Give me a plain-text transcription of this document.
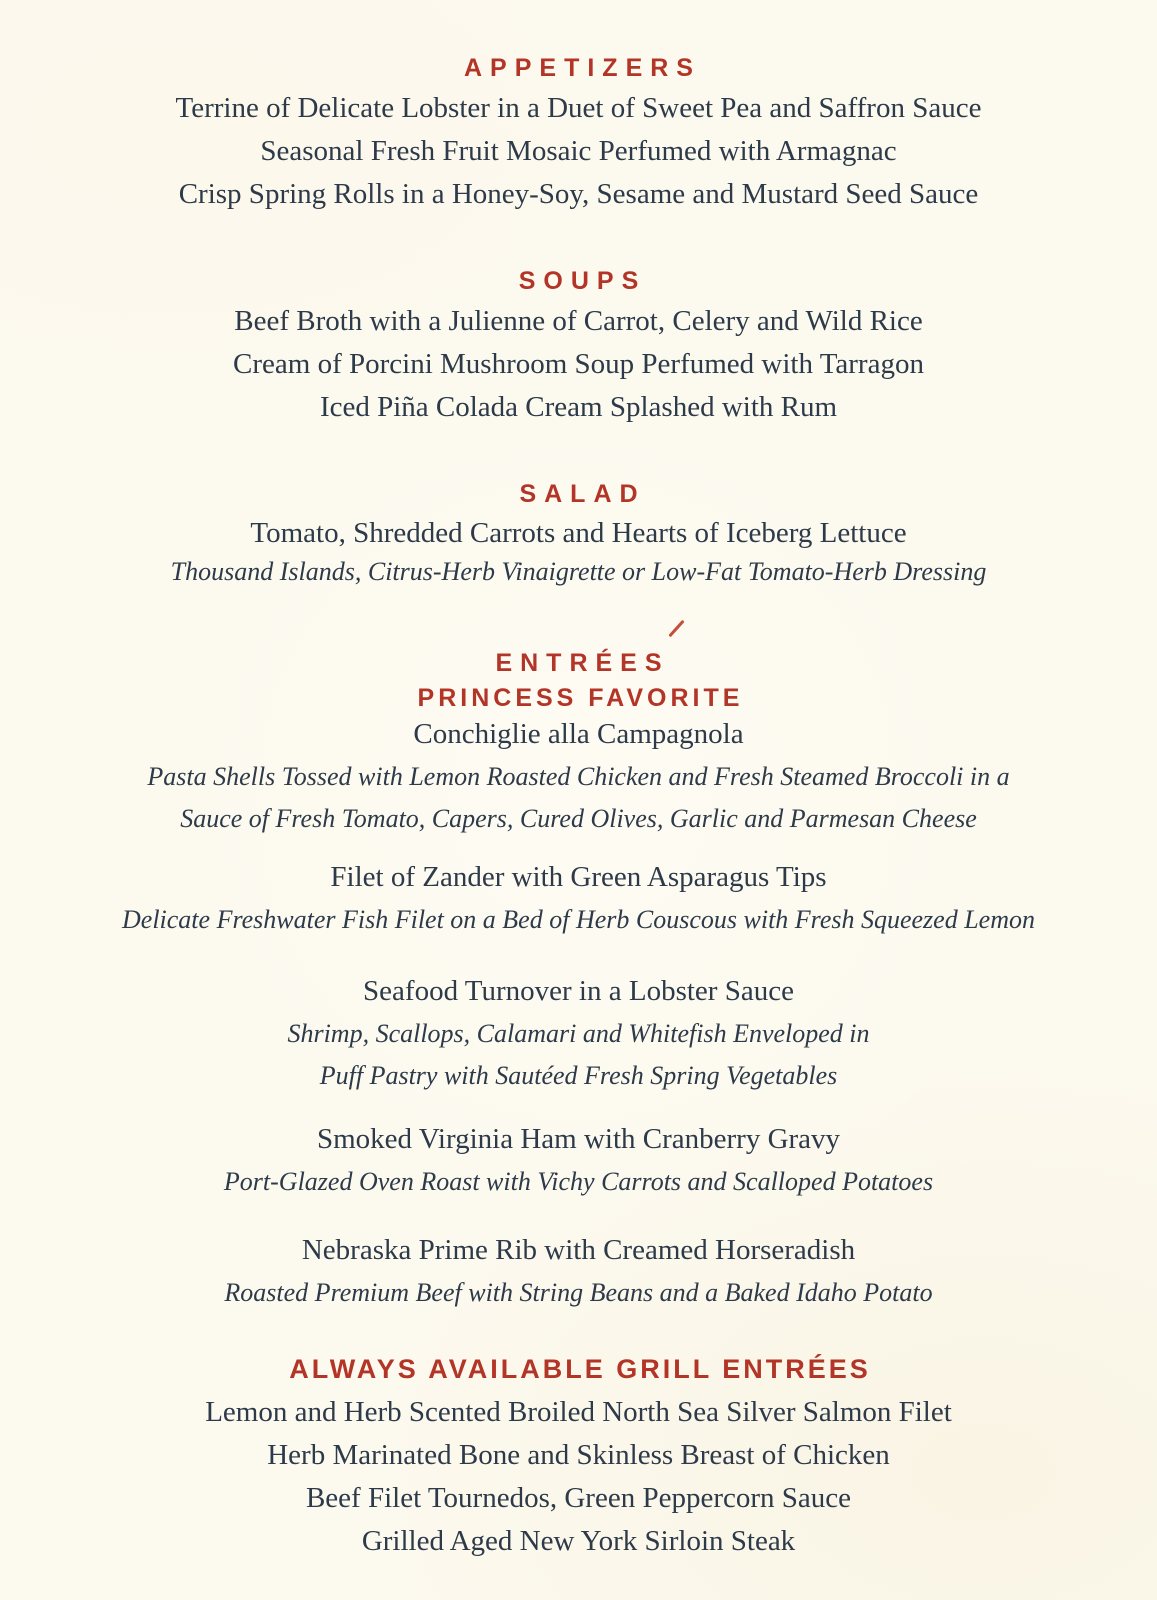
APPETIZERS
Terrine of Delicate Lobster in a Duet of Sweet Pea and Saffron Sauce
Seasonal Fresh Fruit Mosaic Perfumed with Armagnac
Crisp Spring Rolls in a Honey-Soy, Sesame and Mustard Seed Sauce
SOUPS
Beef Broth with a Julienne of Carrot, Celery and Wild Rice
Cream of Porcini Mushroom Soup Perfumed with Tarragon
Iced Piña Colada Cream Splashed with Rum
SALAD
Tomato, Shredded Carrots and Hearts of Iceberg Lettuce

Thousand Islands, Citrus-Herb Vinaigrette or Low-Fat Tomato-Herb Dressing

ENTRÉES
PRINCESS FAVORITE
Conchiglie alla Campagnola

Pasta Shells Tossed with Lemon Roasted Chicken and Fresh Steamed Broccoli in a

Sauce of Fresh Tomato, Capers, Cured Olives, Garlic and Parmesan Cheese

Filet of Zander with Green Asparagus Tips

Delicate Freshwater Fish Filet on a Bed of Herb Couscous with Fresh Squeezed Lemon

Seafood Turnover in a Lobster Sauce

Shrimp, Scallops, Calamari and Whitefish Enveloped in

Puff Pastry with Sautéed Fresh Spring Vegetables

Smoked Virginia Ham with Cranberry Gravy

Port-Glazed Oven Roast with Vichy Carrots and Scalloped Potatoes

Nebraska Prime Rib with Creamed Horseradish

Roasted Premium Beef with String Beans and a Baked Idaho Potato

ALWAYS AVAILABLE GRILL ENTRÉES
Lemon and Herb Scented Broiled North Sea Silver Salmon Filet
Herb Marinated Bone and Skinless Breast of Chicken
Beef Filet Tournedos, Green Peppercorn Sauce
Grilled Aged New York Sirloin Steak
